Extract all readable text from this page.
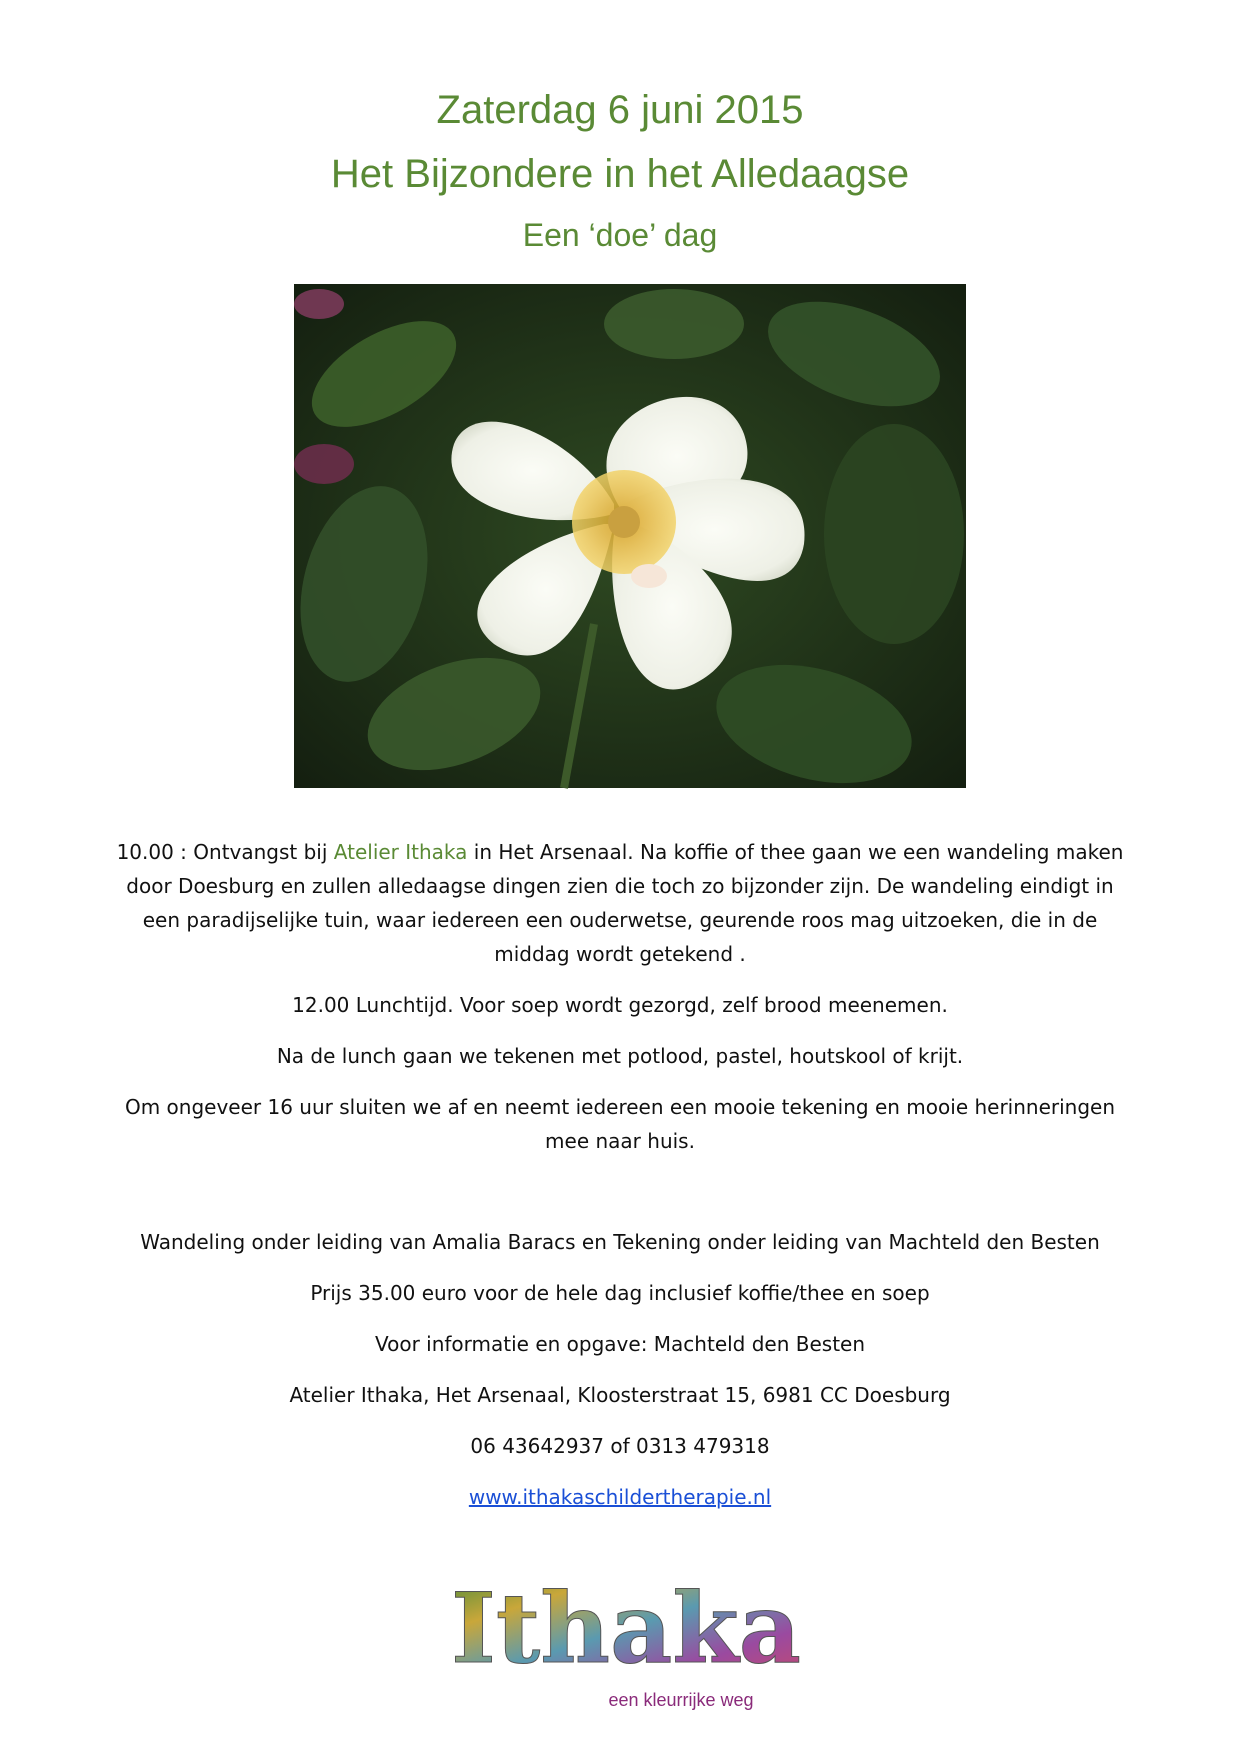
Zaterdag 6 juni 2015
Het Bijzondere in het Alledaagse
Een ‘doe’ dag

10.00 : Ontvangst bij Atelier Ithaka in Het Arsenaal. Na koffie of thee gaan we een wandeling maken door Doesburg en zullen alledaagse dingen zien die toch zo bijzonder zijn. De wandeling eindigt in een paradijselijke tuin, waar iedereen een ouderwetse, geurende roos mag uitzoeken, die in de middag wordt getekend .

12.00 Lunchtijd. Voor soep wordt gezorgd, zelf brood meenemen.

Na de lunch gaan we tekenen met potlood, pastel, houtskool of krijt.

Om ongeveer 16 uur sluiten we af en neemt iedereen een mooie tekening en mooie herinneringen mee naar huis.

Wandeling onder leiding van Amalia Baracs en Tekening onder leiding van Machteld den Besten

Prijs 35.00 euro voor de hele dag inclusief koffie/thee en soep

Voor informatie en opgave: Machteld den Besten

Atelier Ithaka, Het Arsenaal, Kloosterstraat 15, 6981 CC Doesburg

06 43642937 of 0313 479318

www.ithakaschildertherapie.nl

Ithaka
een kleurrijke weg
